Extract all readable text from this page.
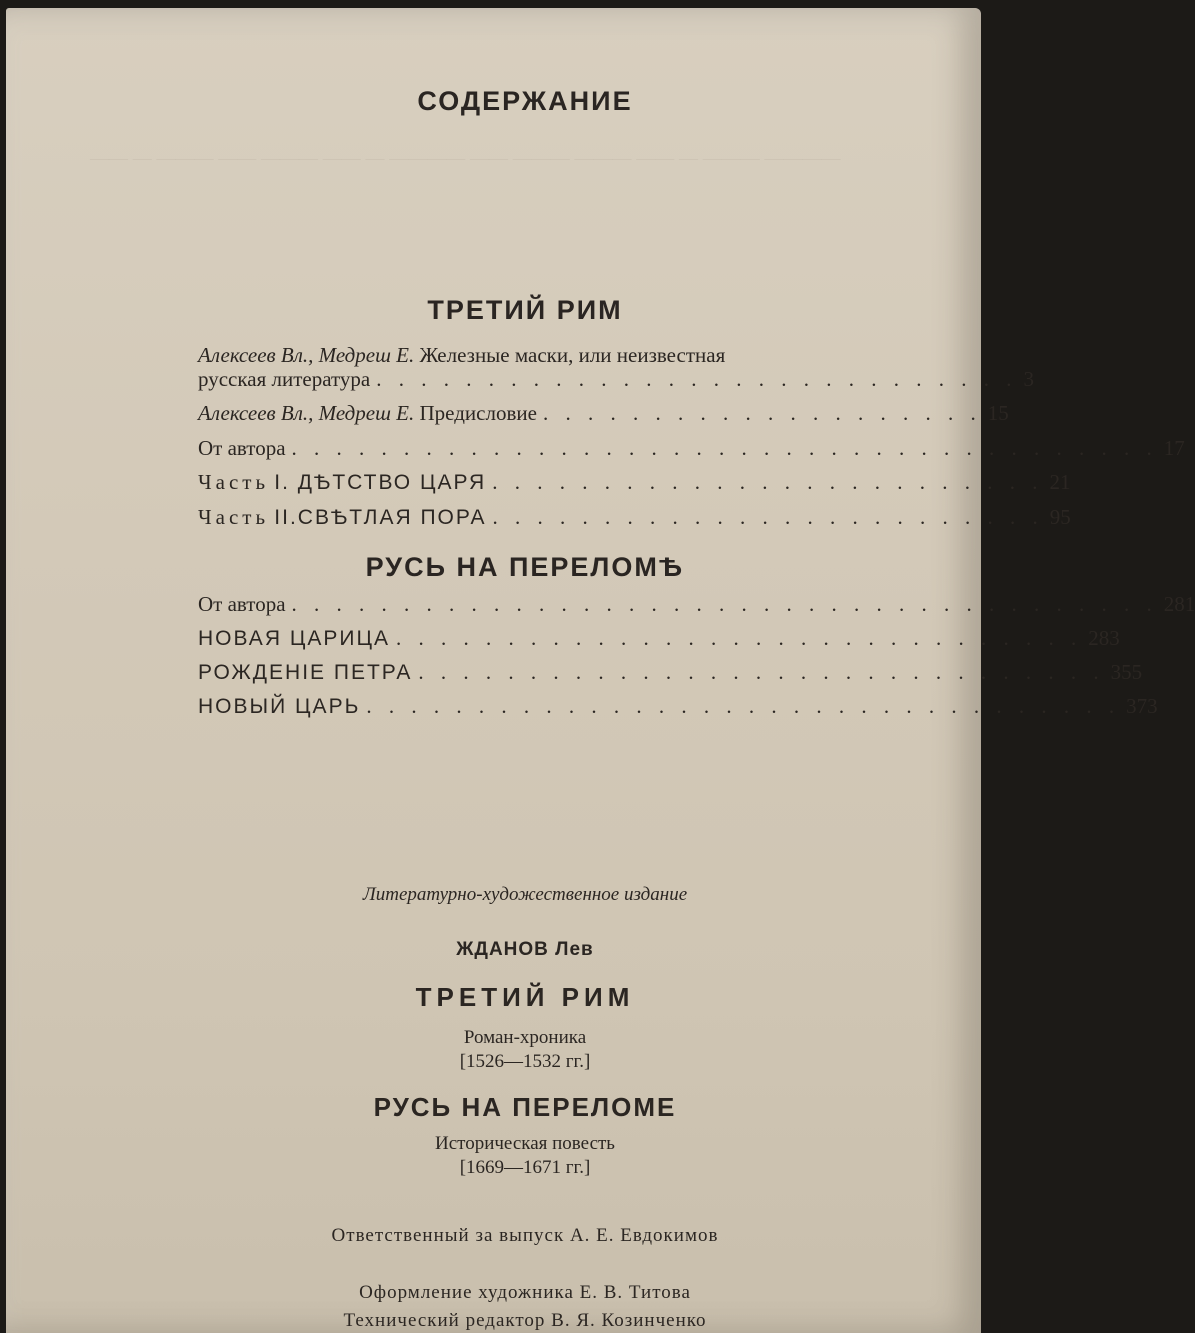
—— — ——— —— ——— —— — ———— —— ——— ——— —— — ——— ————
СОДЕРЖАНИЕ
ТРЕТИЙ РИМ
Алексеев Вл., Медреш Е. Железные маски, или неизвестная
русская литература . . . . . . . . . . . . . . . . . . . . . . . . . . . . . 3
Алексеев Вл., Медреш Е. Предисловие . . . . . . . . . . . . . . . . . . . . 15
От автора . . . . . . . . . . . . . . . . . . . . . . . . . . . . . . . . . . . . . . . 17
Часть I. ДѢТСТВО ЦАРЯ . . . . . . . . . . . . . . . . . . . . . . . . . 21
Часть II.СВѢТЛАЯ ПОРА . . . . . . . . . . . . . . . . . . . . . . . . . 95
РУСЬ НА ПЕРЕЛОМѢ
От автора . . . . . . . . . . . . . . . . . . . . . . . . . . . . . . . . . . . . . . . 281
НОВАЯ ЦАРИЦА . . . . . . . . . . . . . . . . . . . . . . . . . . . . . . . 283
РОЖДЕНІЕ ПЕТРА . . . . . . . . . . . . . . . . . . . . . . . . . . . . . . . 355
НОВЫЙ ЦАРЬ . . . . . . . . . . . . . . . . . . . . . . . . . . . . . . . . . . 373
Литературно-художественное издание
ЖДАНОВ Лев
ТРЕТИЙ РИМ
Роман-хроника
[1526—1532 гг.]
РУСЬ НА ПЕРЕЛОМЕ
Историческая повесть
[1669—1671 гг.]
Ответственный за выпуск А. Е. Евдокимов
Оформление художника Е. В. Титова
Технический редактор В. Я. Козинченко
